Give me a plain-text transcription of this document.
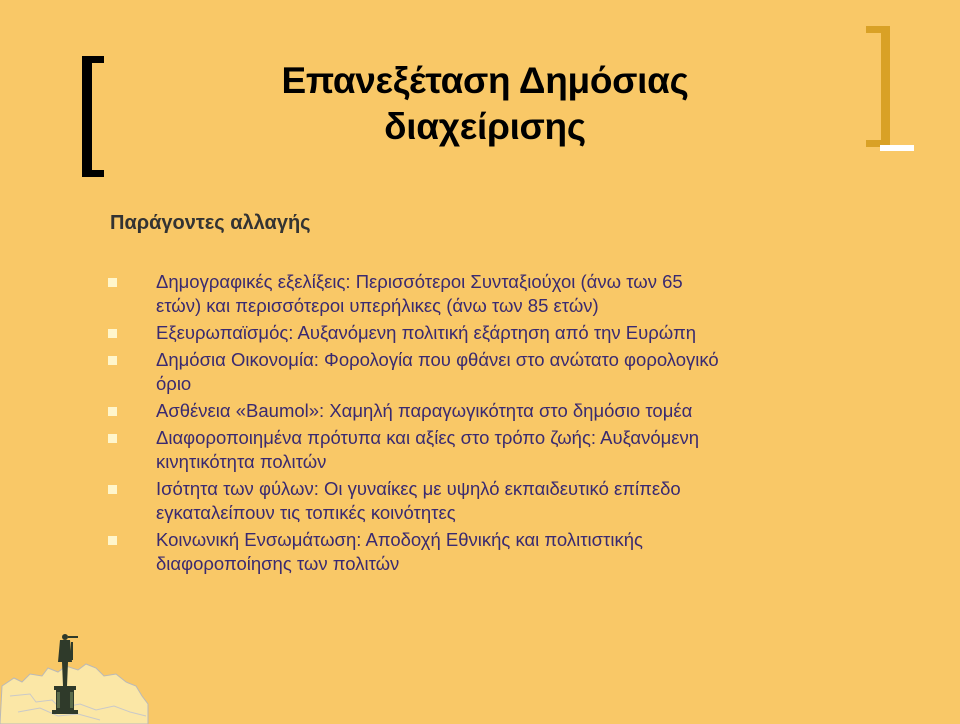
Επανεξέταση Δημόσιας
διαχείρισης
Παράγοντες αλλαγής
Δημογραφικές εξελίξεις: Περισσότεροι Συνταξιούχοι (άνω των 65
ετών) και περισσότεροι υπερήλικες (άνω των 85 ετών)
Εξευρωπαϊσμός: Αυξανόμενη πολιτική εξάρτηση από την Ευρώπη
Δημόσια Οικονομία: Φορολογία που φθάνει στο ανώτατο φορολογικό
όριο
Ασθένεια «Baumol»: Χαμηλή παραγωγικότητα στο δημόσιο τομέα
Διαφοροποιημένα πρότυπα και αξίες στο τρόπο ζωής: Αυξανόμενη
κινητικότητα πολιτών
Ισότητα των φύλων: Οι γυναίκες με υψηλό εκπαιδευτικό επίπεδο
εγκαταλείπουν τις τοπικές κοινότητες
Κοινωνική Ενσωμάτωση: Αποδοχή Εθνικής και πολιτιστικής
διαφοροποίησης των πολιτών
